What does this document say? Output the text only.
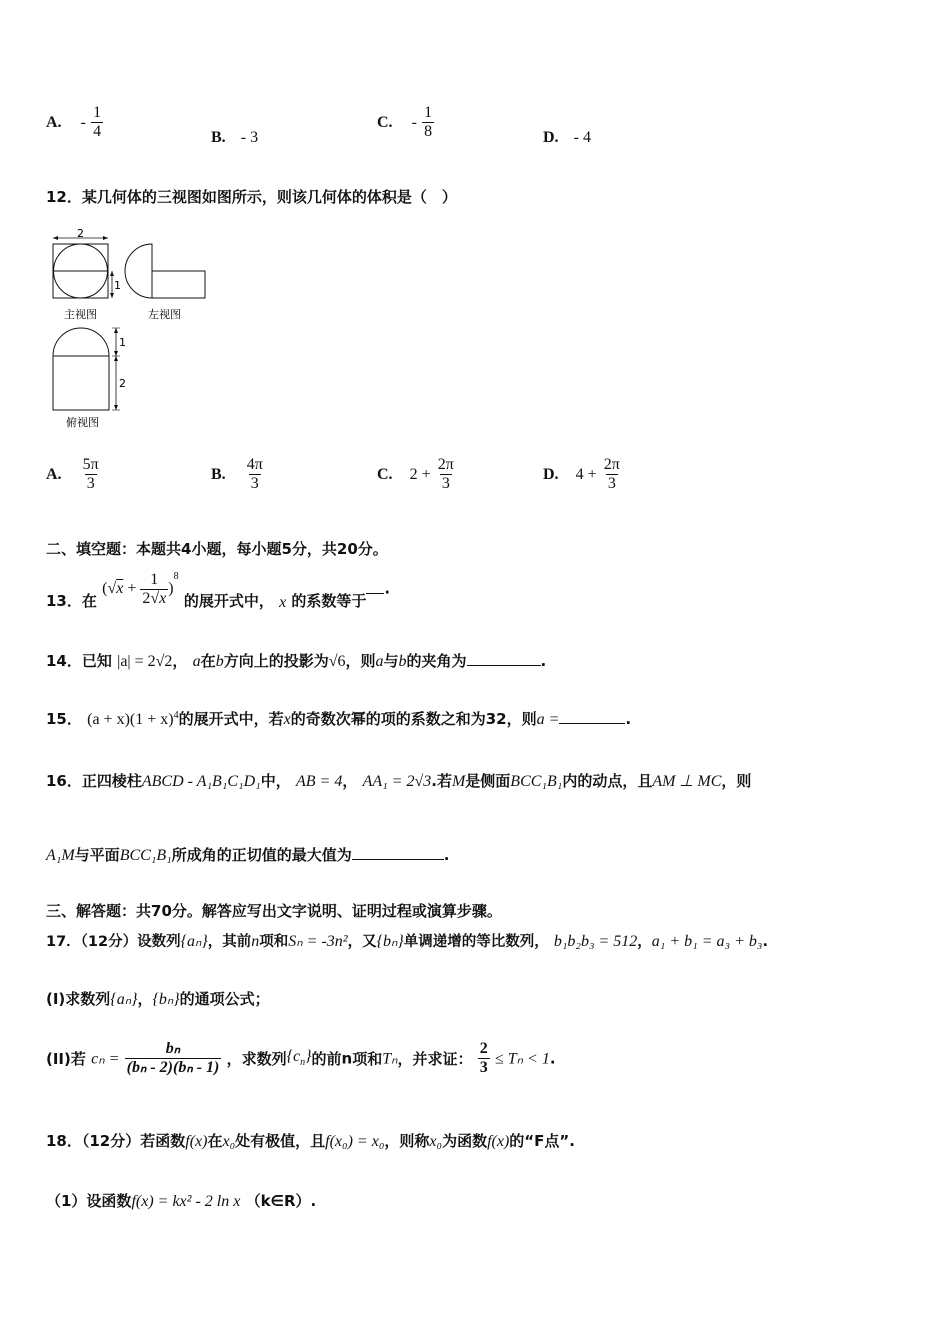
A. - $\frac{1}{4}$	B. - 3
C. - $\frac{1}{8}$	D. - 4
12．某几何体的三视图如图所示，则该几何体的体积是（　）
2
1
主视图	左视图
1
2
俯视图
A. $\frac{5\pi}{3}$	B. $\frac{4\pi}{3}$	C. $2 + \frac{2\pi}{3}$	D. $4 + \frac{2\pi}{3}$
二、填空题：本题共4小题，每小题5分，共20分。
13．在 (√ $x + \frac{1}{2√x}$ )
$^8$
的展开式中， x 的系数等于.
14．已知 |a| = 2√2， a在b方向上的投影为√6，则a与b的夹角为	.
15． $(a + x)(1 + x)^4$的展开式中，若x的奇数次幂的项的系数之和为32，则a =	.
16．正四棱柱ABCD - A₁B₁C₁D₁中， AB = 4， AA₁ = 2√3.若M是侧面BCC₁B₁内的动点，且AM ⊥ MC，则
A₁M与平面BCC₁B₁所成角的正切值的最大值为	.
三、解答题：共70分。解答应写出文字说明、证明过程或演算步骤。
17．（12分）设数列{aₙ}，其前n项和Sₙ = -3n²，又{bₙ}单调递增的等比数列， b₁b₂b₃ = 512，a₁ + b₁ = a₃ + b₃.
(I)求数列{aₙ}，{bₙ}的通项公式；
(II)若 $c_n = \frac{\text{bₙ}}{\text{(bₙ - 2)(bₙ - 1)}}$ ，求数列$\{c_n\}$的前n项和Tₙ，并求证： $\frac{2}{3} \le T_n < 1$.
18．（12分）若函数f(x)在x₀处有极值，且f(x₀) = x₀，则称x₀为函数f(x)的“F点”.
（1）设函数f(x) = kx² - 2 ln x （k∈R）.
